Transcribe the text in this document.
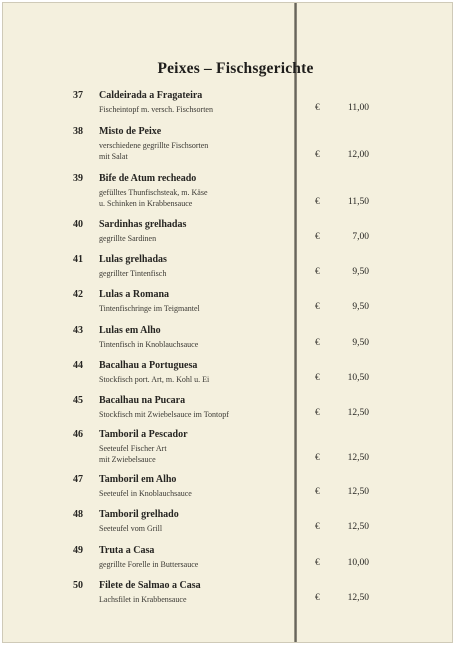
Peixes – Fischsgerichte
37 Caldeirada a Fragateira
Fischeintopf m. versch. Fischsorten	€	11,00
38 Misto de Peixe
verschiedene gegrillte Fischsorten
mit Salat	€	12,00
39 Bife de Atum recheado
gefülltes Thunfischsteak, m. Käse
u. Schinken in Krabbensauce	€	11,50
40 Sardinhas grelhadas
gegrillte Sardinen	€	7,00
41 Lulas grelhadas
gegrillter Tintenfisch	€	9,50
42 Lulas a Romana
Tintenfischringe im Teigmantel	€	9,50
43 Lulas em Alho
Tintenfisch in Knoblauchsauce	€	9,50
44 Bacalhau a Portuguesa
Stockfisch port. Art, m. Kohl u. Ei	€	10,50
45 Bacalhau na Pucara
Stockfisch mit Zwiebelsauce im Tontopf	€	12,50
46 Tamboril a Pescador
Seeteufel Fischer Art
mit Zwiebelsauce	€	12,50
47 Tamboril em Alho
Seeteufel in Knoblauchsauce	€	12,50
48 Tamboril grelhado
Seeteufel vom Grill	€	12,50
49 Truta a Casa
gegrillte Forelle in Buttersauce	€	10,00
50 Filete de Salmao a Casa
Lachsfilet in Krabbensauce	€	12,50
